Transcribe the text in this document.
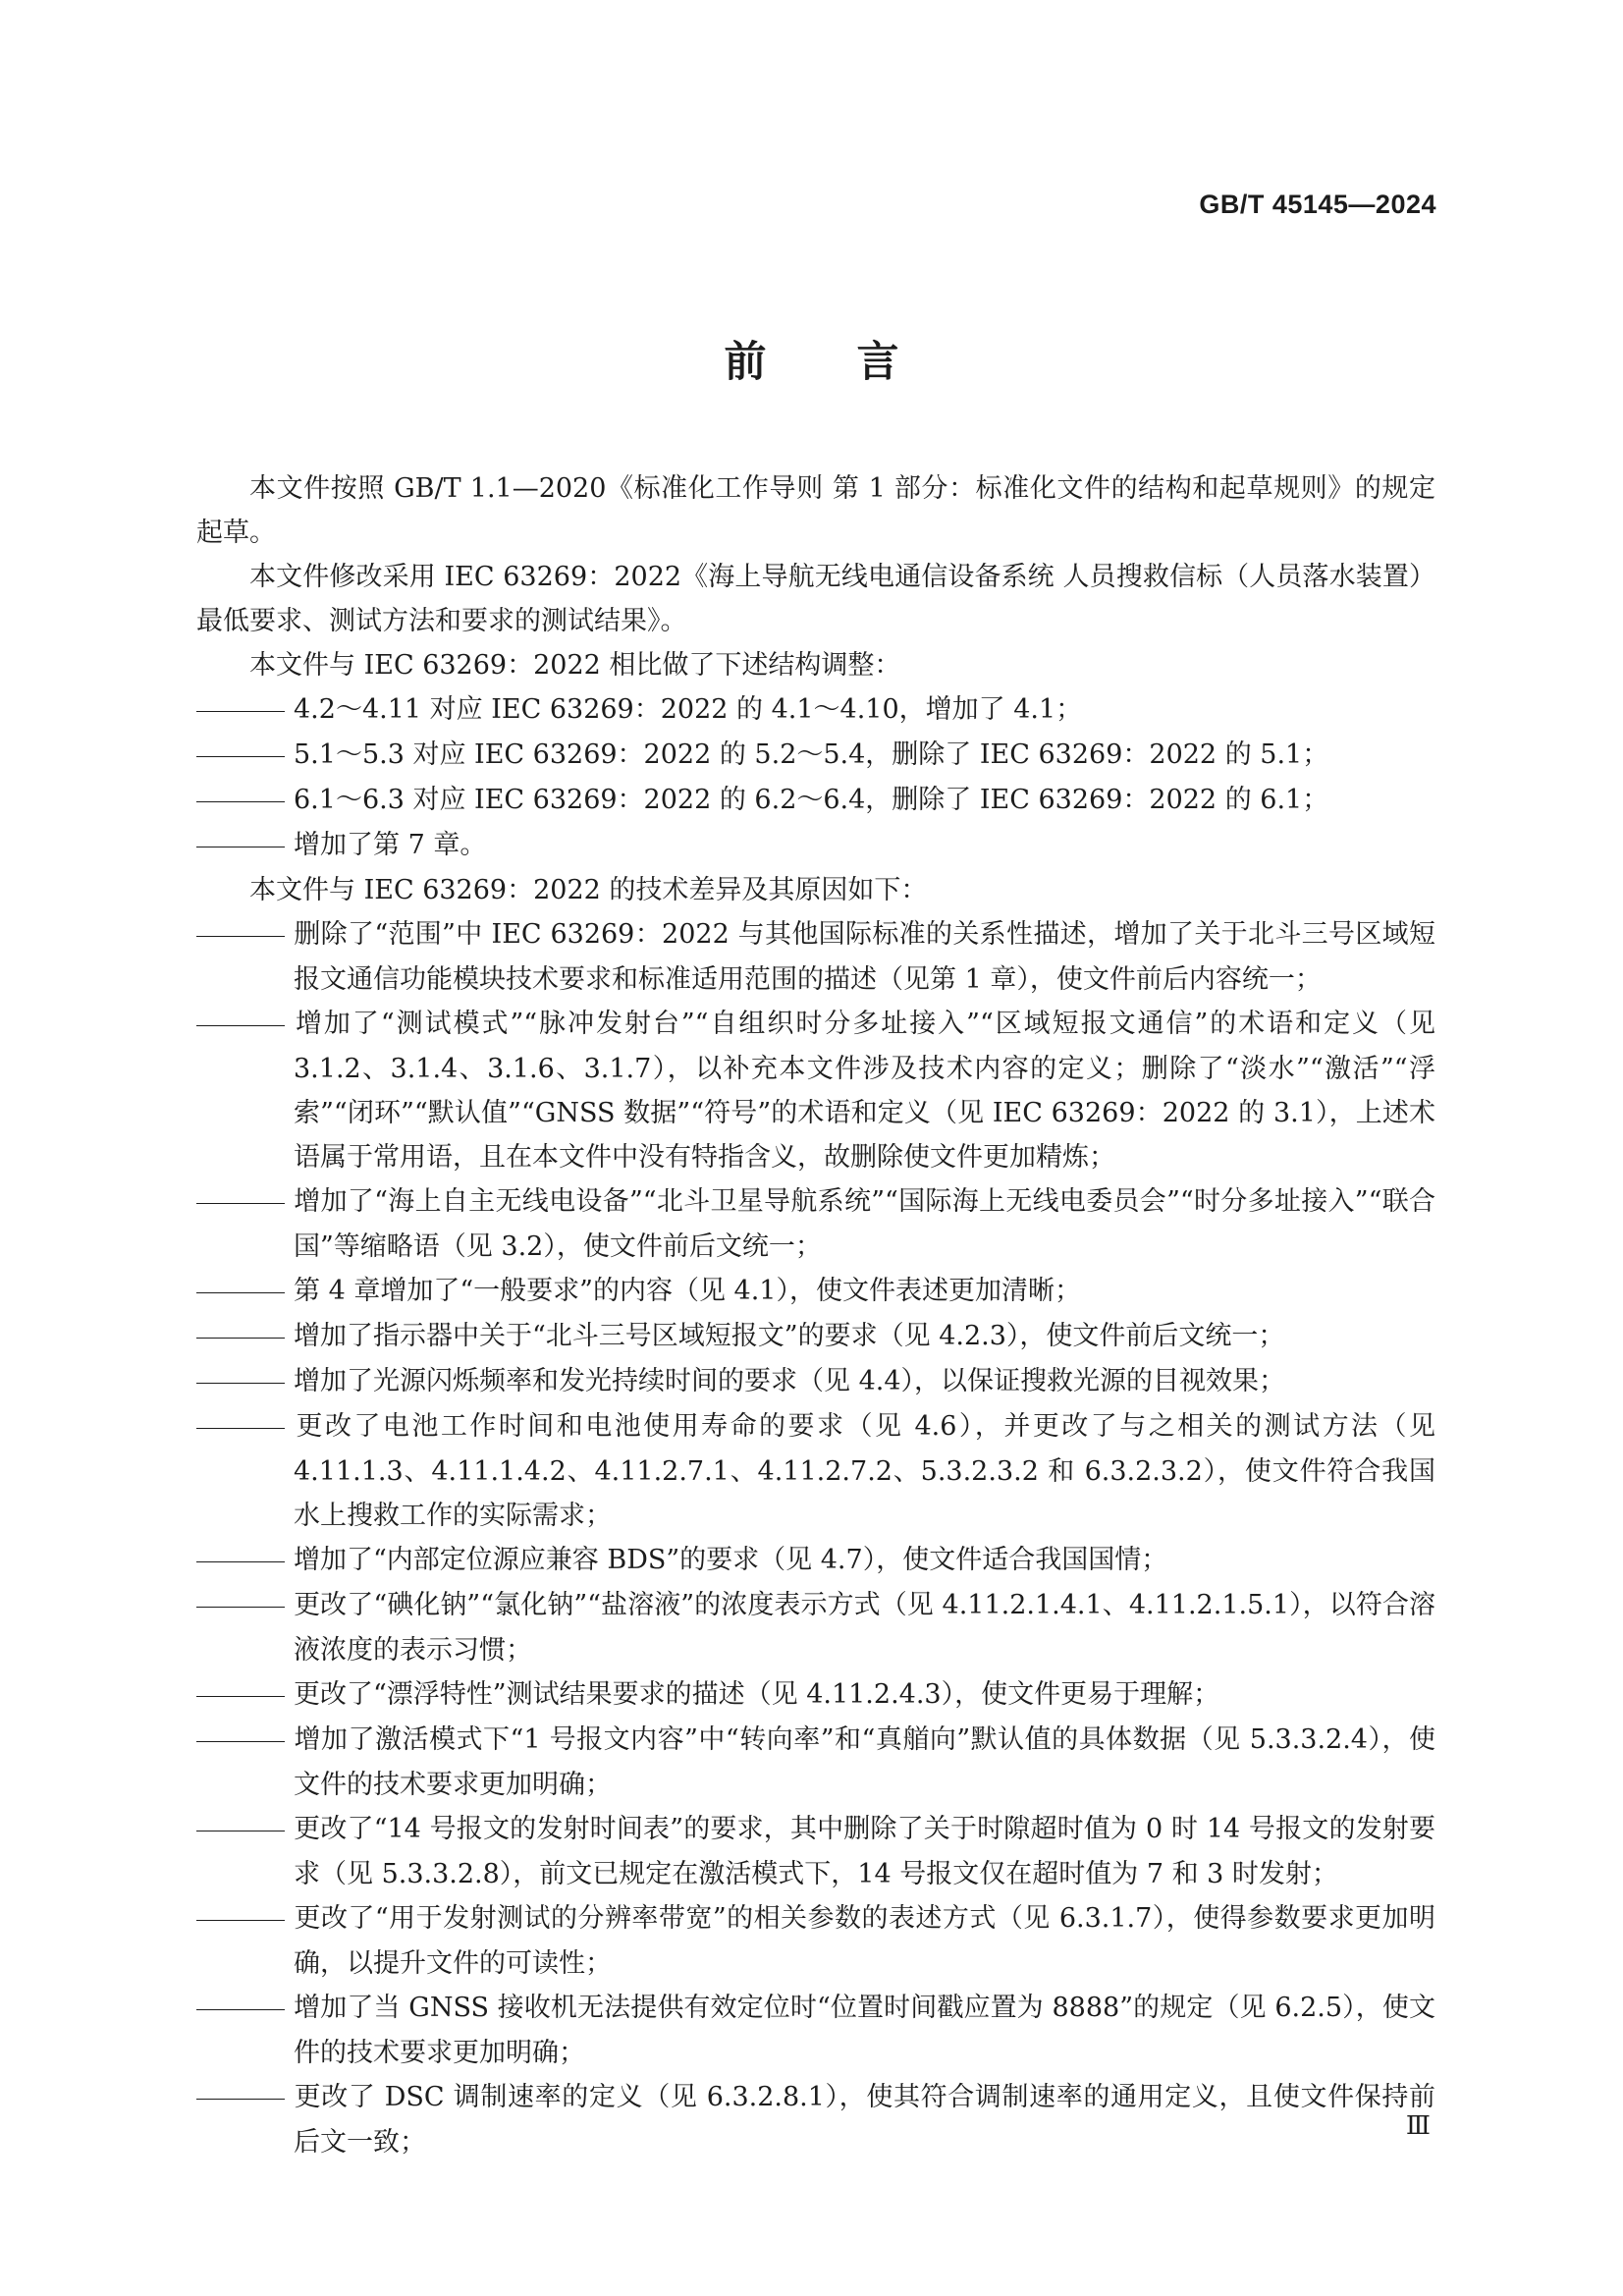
GB/T 45145—2024
前 言

本文件按照 GB/T 1.1—2020《标准化工作导则 第 1 部分：标准化文件的结构和起草规则》的规定起草。

本文件修改采用 IEC 63269：2022《海上导航无线电通信设备系统 人员搜救信标（人员落水装置） 最低要求、测试方法和要求的测试结果》。

本文件与 IEC 63269：2022 相比做了下述结构调整：

4.2～4.11 对应 IEC 63269：2022 的 4.1～4.10，增加了 4.1；

5.1～5.3 对应 IEC 63269：2022 的 5.2～5.4，删除了 IEC 63269：2022 的 5.1；

6.1～6.3 对应 IEC 63269：2022 的 6.2～6.4，删除了 IEC 63269：2022 的 6.1；

增加了第 7 章。

本文件与 IEC 63269：2022 的技术差异及其原因如下：

删除了“范围”中 IEC 63269：2022 与其他国际标准的关系性描述，增加了关于北斗三号区域短报文通信功能模块技术要求和标准适用范围的描述（见第 1 章），使文件前后内容统一；

增加了“测试模式”“脉冲发射台”“自组织时分多址接入”“区域短报文通信”的术语和定义（见 3.1.2、3.1.4、3.1.6、3.1.7），以补充本文件涉及技术内容的定义；删除了“淡水”“激活”“浮索”“闭环”“默认值”“GNSS 数据”“符号”的术语和定义（见 IEC 63269：2022 的 3.1），上述术语属于常用语，且在本文件中没有特指含义，故删除使文件更加精炼；

增加了“海上自主无线电设备”“北斗卫星导航系统”“国际海上无线电委员会”“时分多址接入”“联合国”等缩略语（见 3.2），使文件前后文统一；

第 4 章增加了“一般要求”的内容（见 4.1），使文件表述更加清晰；

增加了指示器中关于“北斗三号区域短报文”的要求（见 4.2.3），使文件前后文统一；

增加了光源闪烁频率和发光持续时间的要求（见 4.4），以保证搜救光源的目视效果；

更改了电池工作时间和电池使用寿命的要求（见 4.6），并更改了与之相关的测试方法（见 4.11.1.3、4.11.1.4.2、4.11.2.7.1、4.11.2.7.2、5.3.2.3.2 和 6.3.2.3.2），使文件符合我国水上搜救工作的实际需求；

增加了“内部定位源应兼容 BDS”的要求（见 4.7），使文件适合我国国情；

更改了“碘化钠”“氯化钠”“盐溶液”的浓度表示方式（见 4.11.2.1.4.1、4.11.2.1.5.1），以符合溶液浓度的表示习惯；

更改了“漂浮特性”测试结果要求的描述（见 4.11.2.4.3），使文件更易于理解；

增加了激活模式下“1 号报文内容”中“转向率”和“真艏向”默认值的具体数据（见 5.3.3.2.4），使文件的技术要求更加明确；

更改了“14 号报文的发射时间表”的要求，其中删除了关于时隙超时值为 0 时 14 号报文的发射要求（见 5.3.3.2.8），前文已规定在激活模式下，14 号报文仅在超时值为 7 和 3 时发射；

更改了“用于发射测试的分辨率带宽”的相关参数的表述方式（见 6.3.1.7），使得参数要求更加明确，以提升文件的可读性；

增加了当 GNSS 接收机无法提供有效定位时“位置时间戳应置为 8888”的规定（见 6.2.5），使文件的技术要求更加明确；

更改了 DSC 调制速率的定义（见 6.3.2.8.1），使其符合调制速率的通用定义，且使文件保持前后文一致；

Ⅲ
